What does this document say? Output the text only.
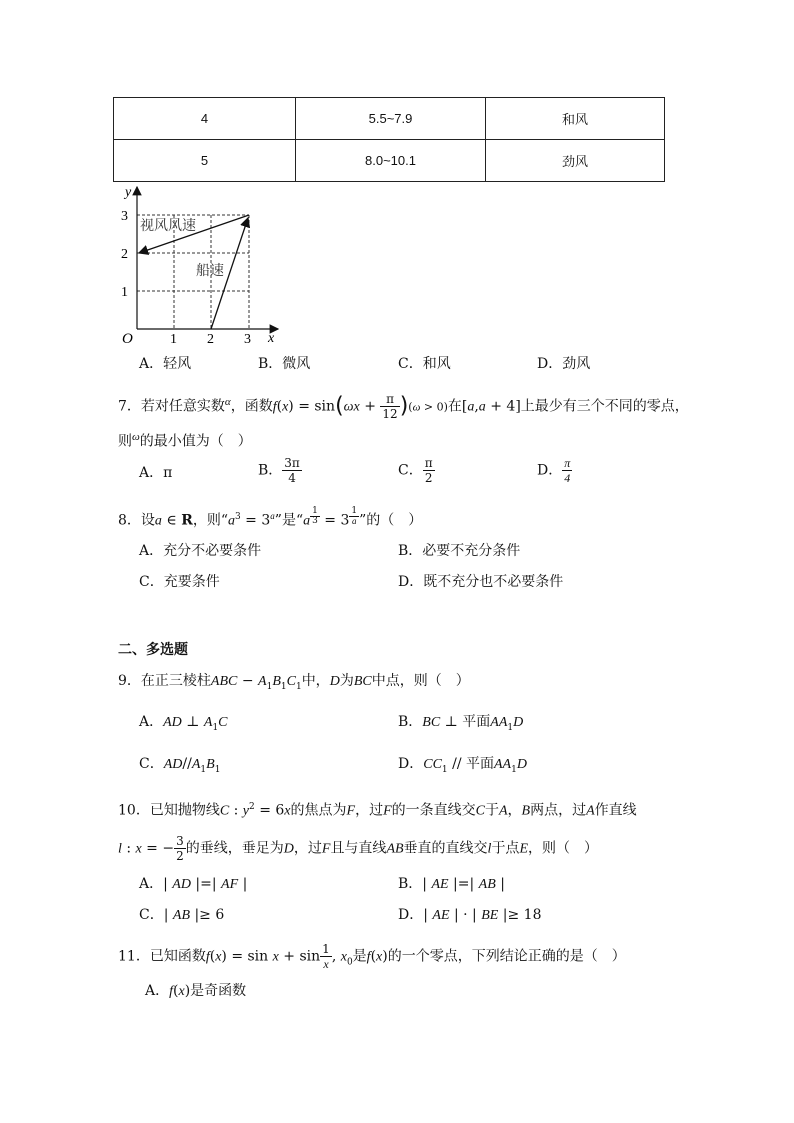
4	5.5~7.9	和风
5	8.0~10.1	劲风
y
x
O	1 2 3
1
2
3
视风风速
船速
A．轻风	B．微风	C．和风	D．劲风
7．若对任意实数$^\alpha$，函数$f(x) = \sin(\omega x + \frac{\pi}{12} )(\omega > 0)$在[a,a + 4]上最少有三个不同的零点，
则$^\omega$的最小值为（　）
A．π	B． $\frac{3\pi}{4}$	C． $\frac{\pi}{2}$	D． $\frac{\pi}{4}$
8．设a ∈ R，则“$a^3 = 3^a$”是“a $^{\frac{1}{3}}$ = 3 $^{\frac{1}{a}}$ ”的（　）
A．充分不必要条件	B．必要不充分条件
C．充要条件	D．既不充分也不必要条件
二、多选题
9．在正三棱柱ABC − $A_1B_1C_1$中，D为BC中点，则（　）
A．AD ⊥ $A_1C$	B．BC ⊥ 平面$AA_1D$
C．$AD//A_1B_1$	D．$CC_1$ // 平面$AA_1D$
10．已知抛物线C : $y^2 = 6x$的焦点为F，过F的一条直线交C于A，B两点，过A作直线
l : x = − $\frac{3}{2}$ 的垂线，垂足为D，过F且与直线AB垂直的直线交l于点E，则（　）
A．| AD |=| AF |	B．| AE |=| AB |
C．| AB |≥ 6	D．| AE | · | BE |≥ 18
11．已知函数$f(x) = \sin x + \sin \frac{1}{x}$ , $x_0$是f(x)的一个零点，下列结论正确的是（　）
A．f(x)是奇函数
